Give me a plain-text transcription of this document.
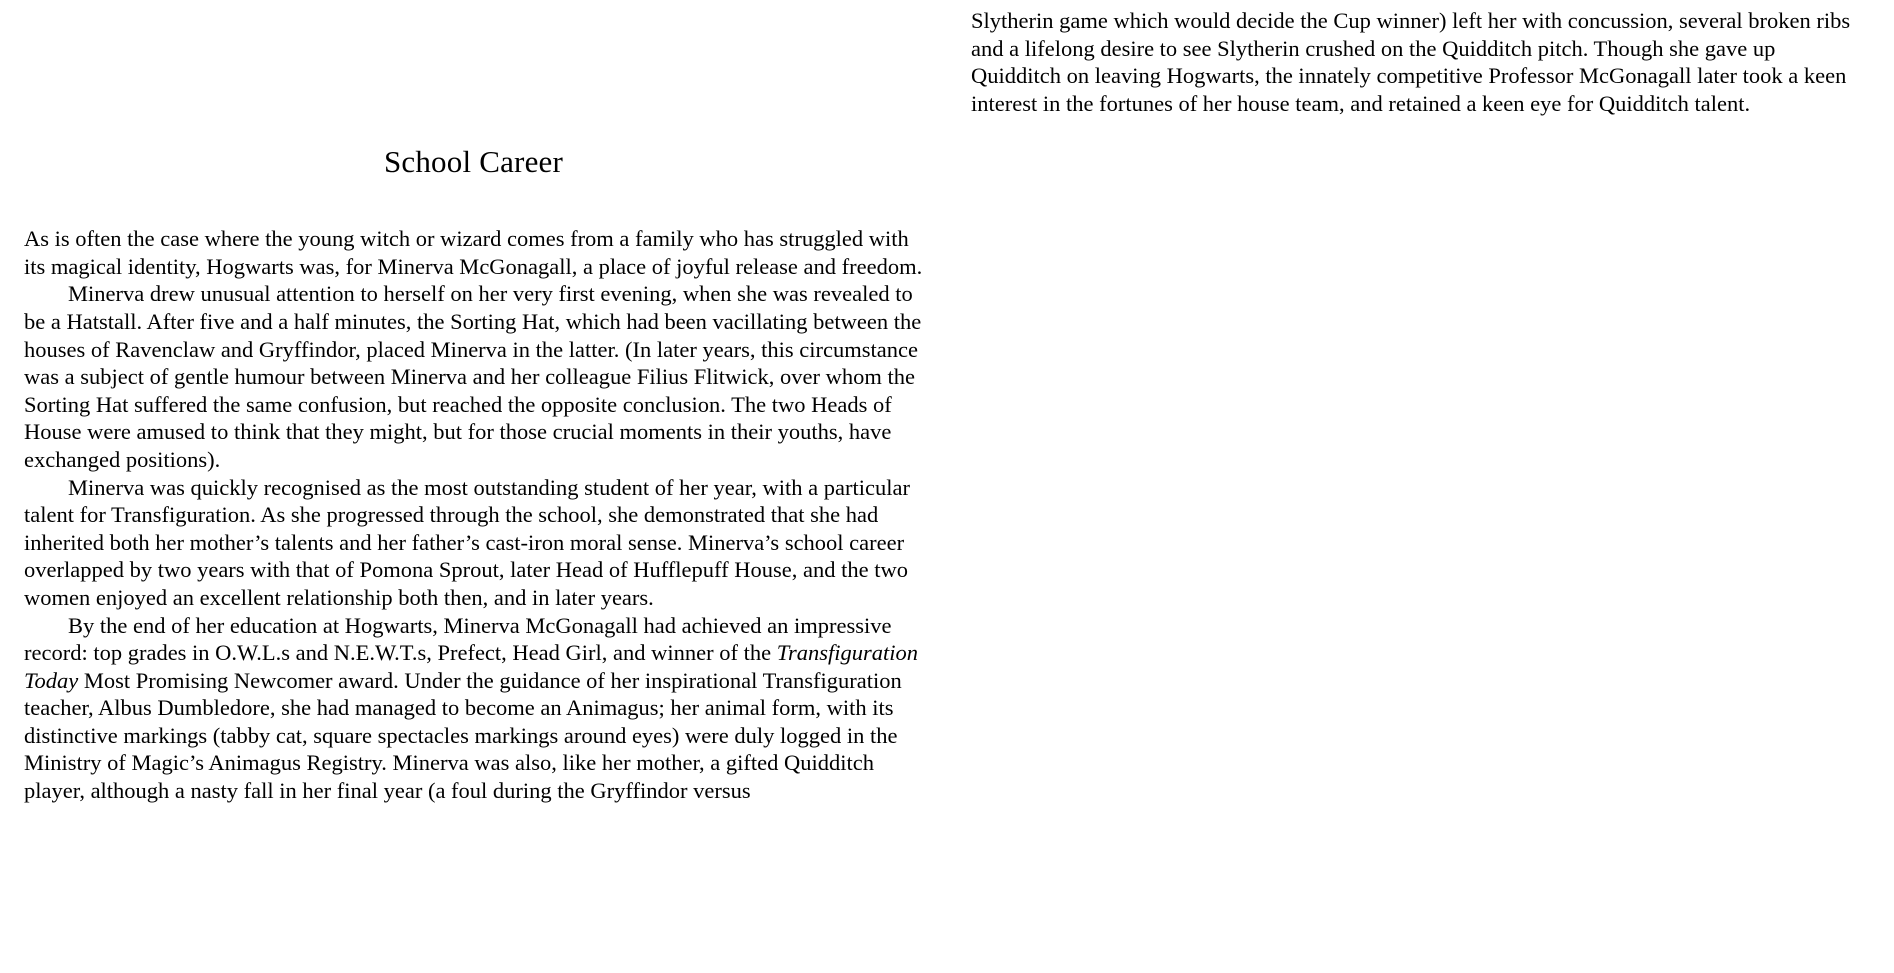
School Career

As is often the case where the young witch or wizard comes from a family who has struggled with its magical identity, Hogwarts was, for Minerva McGonagall, a place of joyful release and freedom.

Minerva drew unusual attention to herself on her very first evening, when she was revealed to be a Hatstall. After five and a half minutes, the Sorting Hat, which had been vacillating between the houses of Ravenclaw and Gryffindor, placed Minerva in the latter. (In later years, this circumstance was a subject of gentle humour between Minerva and her colleague Filius Flitwick, over whom the Sorting Hat suffered the same confusion, but reached the opposite conclusion. The two Heads of House were amused to think that they might, but for those crucial moments in their youths, have exchanged positions).

Minerva was quickly recognised as the most outstanding student of her year, with a particular talent for Transfiguration. As she progressed through the school, she demonstrated that she had inherited both her mother’s talents and her father’s cast-iron moral sense. Minerva’s school career overlapped by two years with that of Pomona Sprout, later Head of Hufflepuff House, and the two women enjoyed an excellent relationship both then, and in later years.

By the end of her education at Hogwarts, Minerva McGonagall had achieved an impressive record: top grades in O.W.L.s and N.E.W.T.s, Prefect, Head Girl, and winner of the Transfiguration Today Most Promising Newcomer award. Under the guidance of her inspirational Transfiguration teacher, Albus Dumbledore, she had managed to become an Animagus; her animal form, with its distinctive markings (tabby cat, square spectacles markings around eyes) were duly logged in the Ministry of Magic’s Animagus Registry. Minerva was also, like her mother, a gifted Quidditch player, although a nasty fall in her final year (a foul during the Gryffindor versus

Slytherin game which would decide the Cup winner) left her with concussion, several broken ribs and a lifelong desire to see Slytherin crushed on the Quidditch pitch. Though she gave up Quidditch on leaving Hogwarts, the innately competitive Professor McGonagall later took a keen interest in the fortunes of her house team, and retained a keen eye for Quidditch talent.
